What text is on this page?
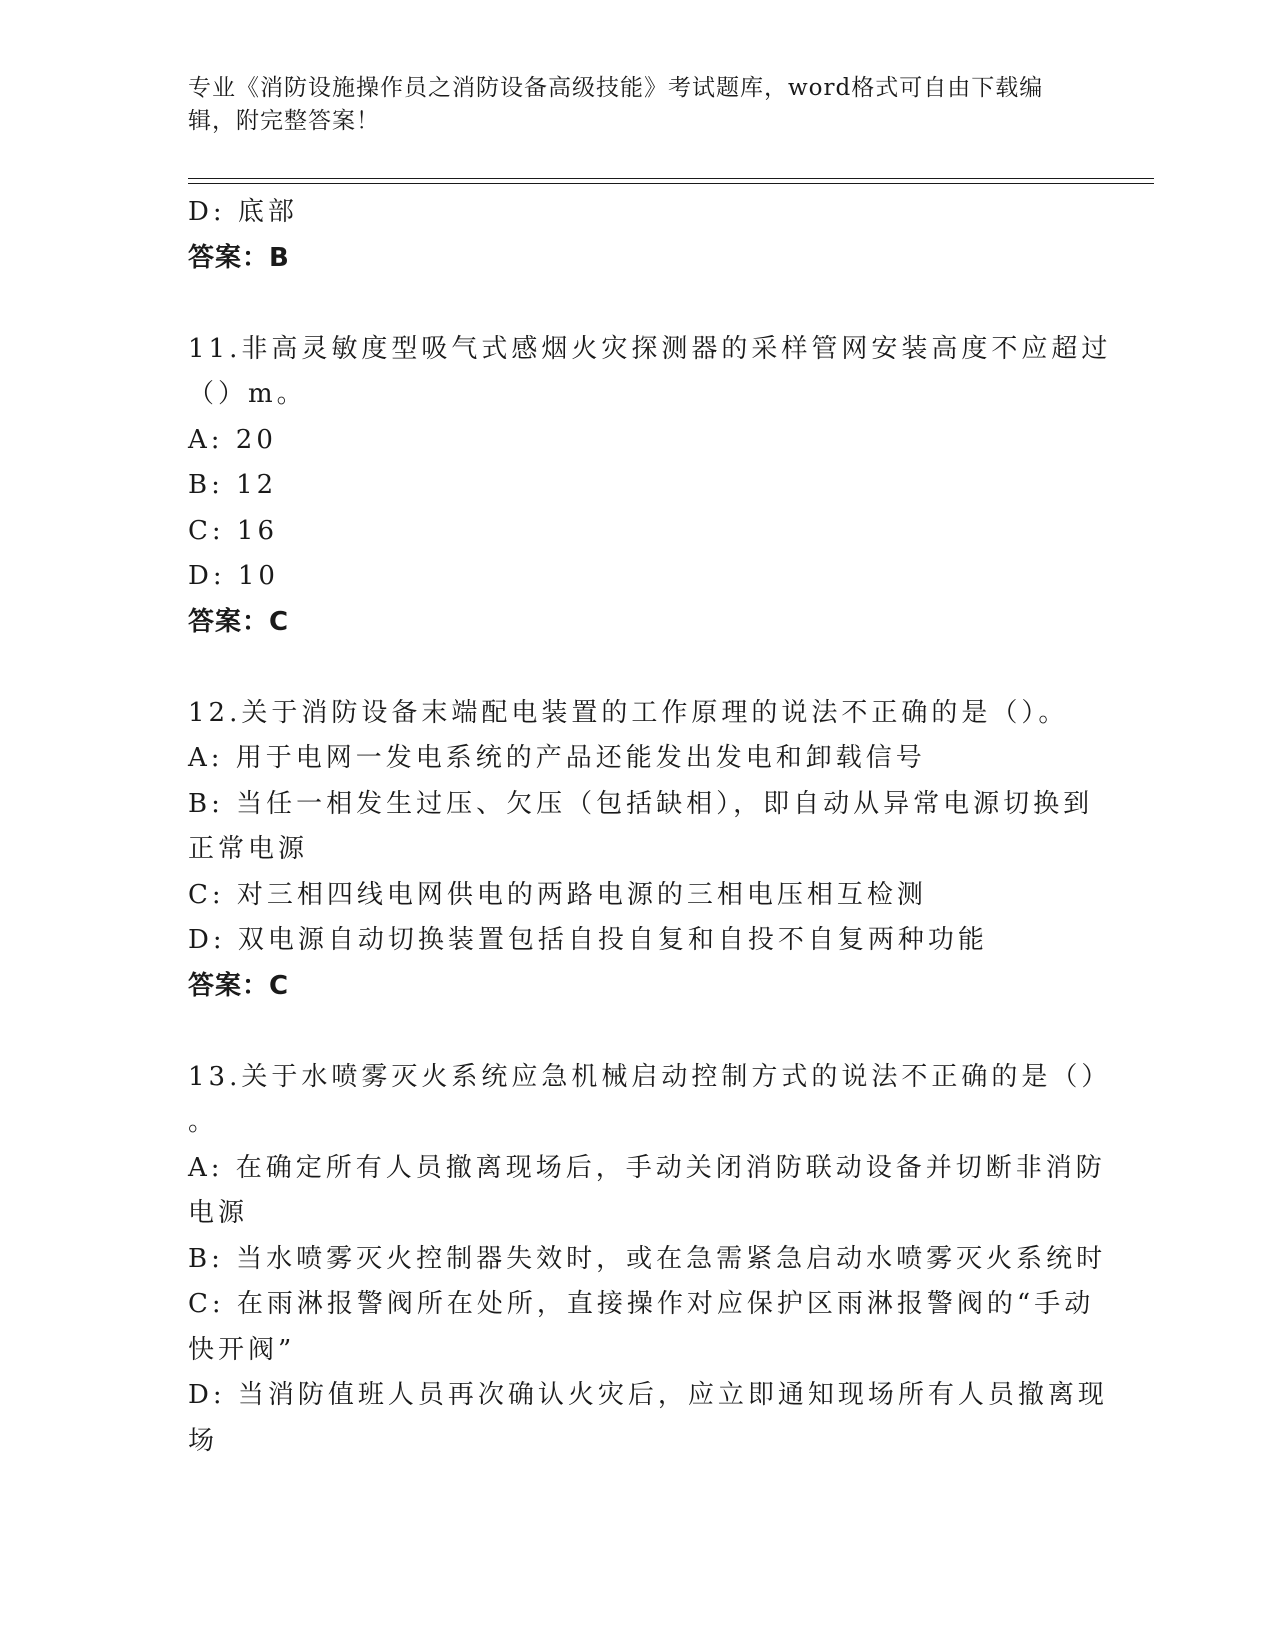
专业《消防设施操作员之消防设备高级技能》考试题库，word格式可自由下载编
辑，附完整答案！
D: 底部
答案：B
11.非高灵敏度型吸气式感烟火灾探测器的采样管网安装高度不应超过
（）m。
A: 20
B: 12
C: 16
D: 10
答案：C
12.关于消防设备末端配电装置的工作原理的说法不正确的是（）。
A: 用于电网一发电系统的产品还能发出发电和卸载信号
B: 当任一相发生过压、欠压（包括缺相），即自动从异常电源切换到
正常电源
C: 对三相四线电网供电的两路电源的三相电压相互检测
D: 双电源自动切换装置包括自投自复和自投不自复两种功能
答案：C
13.关于水喷雾灭火系统应急机械启动控制方式的说法不正确的是（）
。
A: 在确定所有人员撤离现场后，手动关闭消防联动设备并切断非消防
电源
B: 当水喷雾灭火控制器失效时，或在急需紧急启动水喷雾灭火系统时
C: 在雨淋报警阀所在处所，直接操作对应保护区雨淋报警阀的“手动
快开阀”
D: 当消防值班人员再次确认火灾后，应立即通知现场所有人员撤离现
场
